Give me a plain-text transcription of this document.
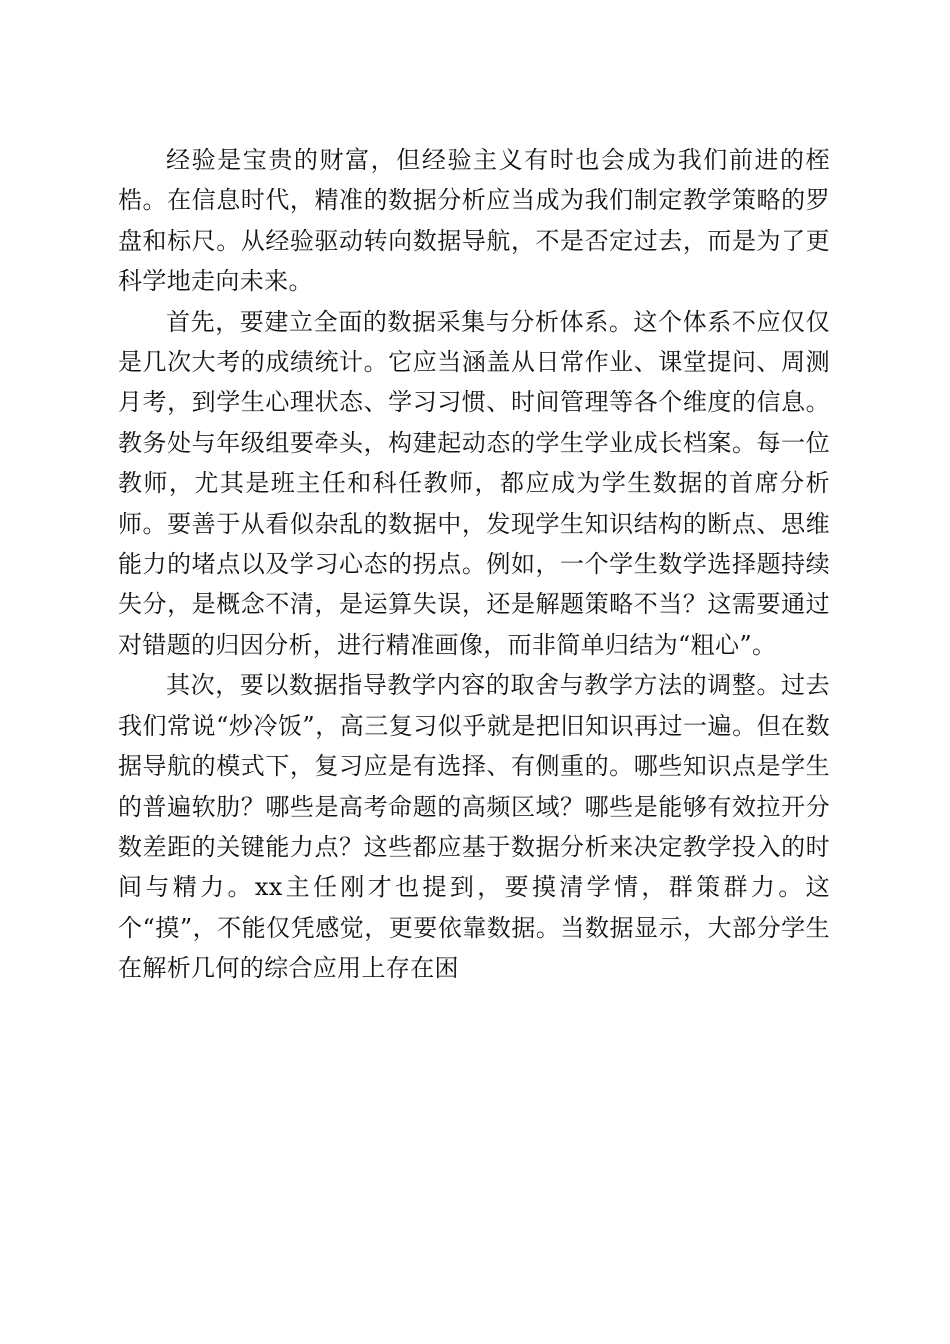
经验是宝贵的财富，但经验主义有时也会成为我们前进的桎梏。在信息时代，精准的数据分析应当成为我们制定教学策略的罗盘和标尺。从经验驱动转向数据导航，不是否定过去，而是为了更科学地走向未来。

首先，要建立全面的数据采集与分析体系。这个体系不应仅仅是几次大考的成绩统计。它应当涵盖从日常作业、课堂提问、周测月考，到学生心理状态、学习习惯、时间管理等各个维度的信息。教务处与年级组要牵头，构建起动态的学生学业成长档案。每一位教师，尤其是班主任和科任教师，都应成为学生数据的首席分析师。要善于从看似杂乱的数据中，发现学生知识结构的断点、思维能力的堵点以及学习心态的拐点。例如，一个学生数学选择题持续失分，是概念不清，是运算失误，还是解题策略不当？这需要通过对错题的归因分析，进行精准画像，而非简单归结为“粗心”。

其次，要以数据指导教学内容的取舍与教学方法的调整。过去我们常说“炒冷饭”，高三复习似乎就是把旧知识再过一遍。但在数据导航的模式下，复习应是有选择、有侧重的。哪些知识点是学生的普遍软肋？哪些是高考命题的高频区域？哪些是能够有效拉开分数差距的关键能力点？这些都应基于数据分析来决定教学投入的时间与精力。xx主任刚才也提到，要摸清学情，群策群力。这个“摸”，不能仅凭感觉，更要依靠数据。当数据显示，大部分学生在解析几何的综合应用上存在困
